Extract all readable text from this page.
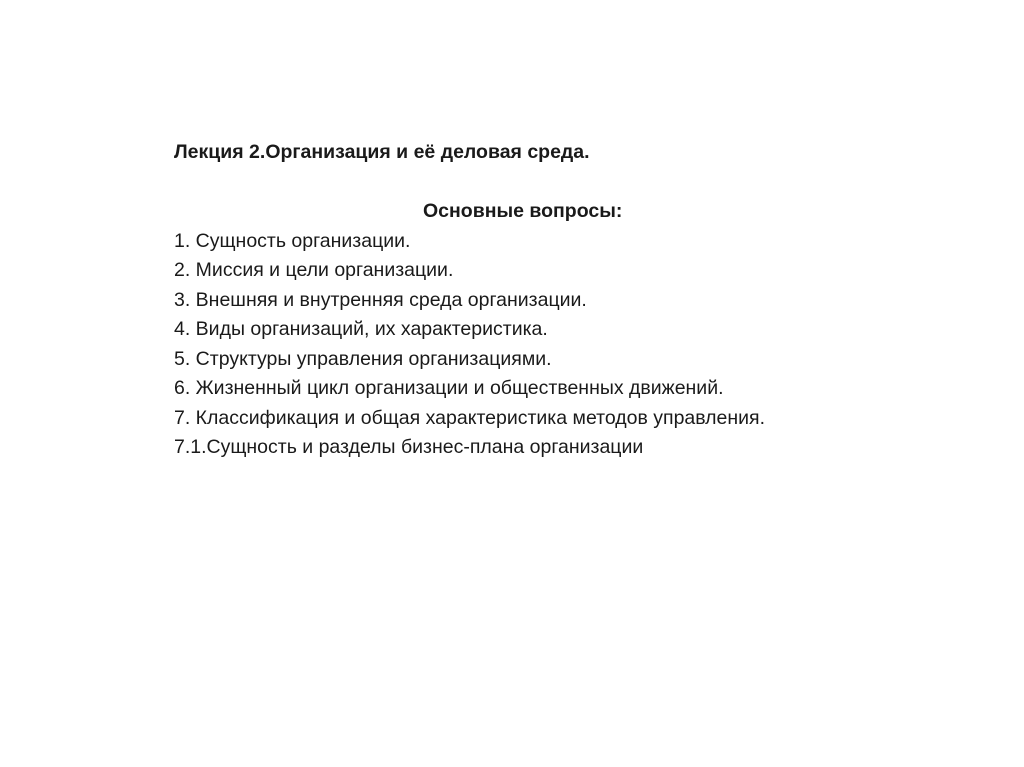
Лекция 2.Организация и её деловая среда.

Основные вопросы:

1. Сущность организации.
2. Миссия и цели организации.
3. Внешняя и внутренняя среда организации.
4. Виды организаций, их характеристика.
5. Структуры управления организациями.
6. Жизненный цикл организации и общественных движений.
7. Классификация и общая характеристика методов управления.
7.1.Сущность и разделы бизнес-плана организации
